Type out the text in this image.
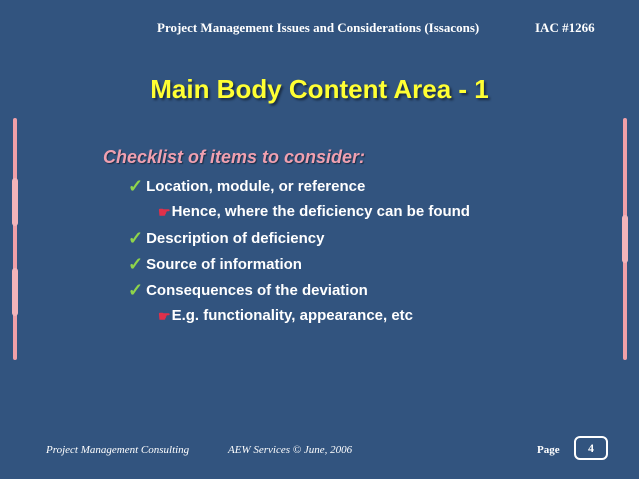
Project Management Issues and Considerations (Issacons)	IAC #1266
Main Body Content Area - 1
Checklist of items to consider:
✓ Location, module, or reference
☛ Hence, where the deficiency can be found
✓ Description of deficiency
✓ Source of information
✓ Consequences of the deviation
☛ E.g. functionality, appearance, etc
Project Management Consulting	AEW Services © June, 2006	Page	4
